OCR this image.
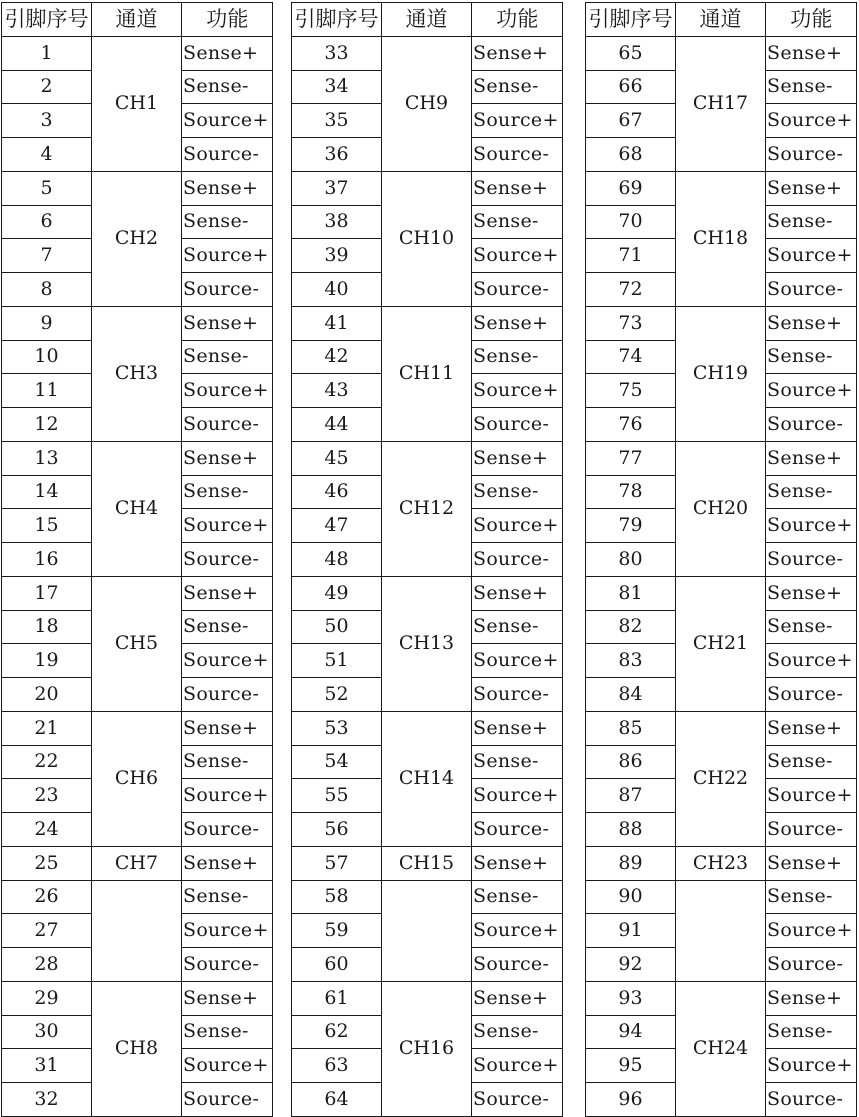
引脚序号	通道	功能
1	CH1	Sense+
2		Sense-
3		Source+
4		Source-
5	CH2	Sense+
6		Sense-
7		Source+
8		Source-
9	CH3	Sense+
10		Sense-
11		Source+
12		Source-
13	CH4	Sense+
14		Sense-
15		Source+
16		Source-
17	CH5	Sense+
18		Sense-
19		Source+
20		Source-
21	CH6	Sense+
22		Sense-
23		Source+
24		Source-
25	CH7	Sense+
26		Sense-
27		Source+
28		Source-
29	CH8	Sense+
30		Sense-
31		Source+
32		Source-
引脚序号	通道	功能
33	CH9	Sense+
34		Sense-
35		Source+
36		Source-
37	CH10	Sense+
38		Sense-
39		Source+
40		Source-
41	CH11	Sense+
42		Sense-
43		Source+
44		Source-
45	CH12	Sense+
46		Sense-
47		Source+
48		Source-
49	CH13	Sense+
50		Sense-
51		Source+
52		Source-
53	CH14	Sense+
54		Sense-
55		Source+
56		Source-
57	CH15	Sense+
58		Sense-
59		Source+
60		Source-
61	CH16	Sense+
62		Sense-
63		Source+
64		Source-
引脚序号	通道	功能
65	CH17	Sense+
66		Sense-
67		Source+
68		Source-
69	CH18	Sense+
70		Sense-
71		Source+
72		Source-
73	CH19	Sense+
74		Sense-
75		Source+
76		Source-
77	CH20	Sense+
78		Sense-
79		Source+
80		Source-
81	CH21	Sense+
82		Sense-
83		Source+
84		Source-
85	CH22	Sense+
86		Sense-
87		Source+
88		Source-
89	CH23	Sense+
90		Sense-
91		Source+
92		Source-
93	CH24	Sense+
94		Sense-
95		Source+
96		Source-
